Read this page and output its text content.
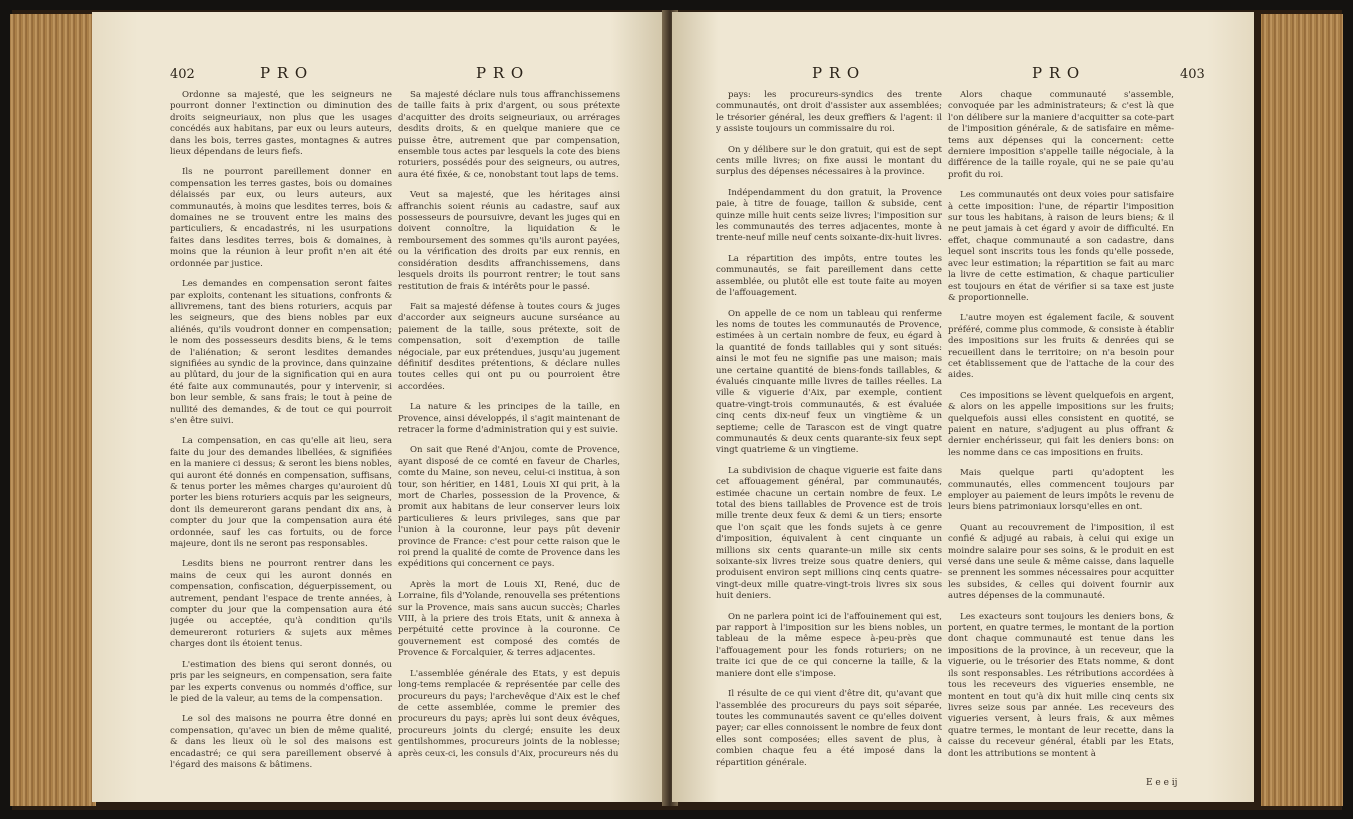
402	P R O	P R O

Ordonne sa majesté, que les seigneurs ne pourront donner l'extinction ou diminution des droits seigneuriaux, non plus que les usages concédés aux habitans, par eux ou leurs auteurs, dans les bois, terres gastes, montagnes & autres lieux dépendans de leurs fiefs.

Ils ne pourront pareillement donner en compensation les terres gastes, bois ou domaines délaissés par eux, ou leurs auteurs, aux communautés, à moins que lesdites terres, bois & domaines ne se trouvent entre les mains des particuliers, & encadastrés, ni les usurpations faites dans lesdites terres, bois & domaines, à moins que la réunion à leur profit n'en ait été ordonnée par justice.

Les demandes en compensation seront faites par exploits, contenant les situations, confronts & allivremens, tant des biens roturiers, acquis par les seigneurs, que des biens nobles par eux aliénés, qu'ils voudront donner en compensation; le nom des possesseurs desdits biens, & le tems de l'aliénation; & seront lesdites demandes signifiées au syndic de la province, dans quinzaine au plûtard, du jour de la signification qui en aura été faite aux communautés, pour y intervenir, si bon leur semble, & sans frais; le tout à peine de nullité des demandes, & de tout ce qui pourroit s'en être suivi.

La compensation, en cas qu'elle ait lieu, sera faite du jour des demandes libellées, & signifiées en la maniere ci dessus; & seront les biens nobles, qui auront été donnés en compensation, suffisans, & tenus porter les mêmes charges qu'auroient dû porter les biens roturiers acquis par les seigneurs, dont ils demeureront garans pendant dix ans, à compter du jour que la compensation aura été ordonnée, sauf les cas fortuits, ou de force majeure, dont ils ne seront pas responsables.

Lesdits biens ne pourront rentrer dans les mains de ceux qui les auront donnés en compensation, confiscation, déguerpissement, ou autrement, pendant l'espace de trente années, à compter du jour que la compensation aura été jugée ou acceptée, qu'à condition qu'ils demeureront roturiers & sujets aux mêmes charges dont ils étoient tenus.

L'estimation des biens qui seront donnés, ou pris par les seigneurs, en compensation, sera faite par les experts convenus ou nommés d'office, sur le pied de la valeur, au tems de la compensation.

Le sol des maisons ne pourra être donné en compensation, qu'avec un bien de même qualité, & dans les lieux où le sol des maisons est encadastré; ce qui sera pareillement observé à l'égard des maisons & bâtimens.

Sa majesté déclare nuls tous affranchissemens de taille faits à prix d'argent, ou sous prétexte d'acquitter des droits seigneuriaux, ou arrérages desdits droits, & en quelque maniere que ce puisse être, autrement que par compensation, ensemble tous actes par lesquels la cote des biens roturiers, possédés pour des seigneurs, ou autres, aura été fixée, & ce, nonobstant tout laps de tems.

Veut sa majesté, que les héritages ainsi affranchis soient réunis au cadastre, sauf aux possesseurs de poursuivre, devant les juges qui en doivent connoître, la liquidation & le remboursement des sommes qu'ils auront payées, ou la vérification des droits par eux rennis, en considération desdits affranchissemens, dans lesquels droits ils pourront rentrer; le tout sans restitution de frais & intérêts pour le passé.

Fait sa majesté défense à toutes cours & juges d'accorder aux seigneurs aucune surséance au paiement de la taille, sous prétexte, soit de compensation, soit d'exemption de taille négociale, par eux prétendues, jusqu'au jugement définitif desdites prétentions, & déclare nulles toutes celles qui ont pu ou pourroient être accordées.

La nature & les principes de la taille, en Provence, ainsi développés, il s'agit maintenant de retracer la forme d'administration qui y est suivie.

On sait que René d'Anjou, comte de Provence, ayant disposé de ce comté en faveur de Charles, comte du Maine, son neveu, celui-ci institua, à son tour, son héritier, en 1481, Louis XI qui prit, à la mort de Charles, possession de la Provence, & promit aux habitans de leur conserver leurs loix particulieres & leurs privileges, sans que par l'union à la couronne, leur pays pût devenir province de France: c'est pour cette raison que le roi prend la qualité de comte de Provence dans les expéditions qui concernent ce pays.

Après la mort de Louis XI, René, duc de Lorraine, fils d'Yolande, renouvella ses prétentions sur la Provence, mais sans aucun succès; Charles VIII, à la priere des trois Etats, unit & annexa à perpétuité cette province à la couronne. Ce gouvernement est composé des comtés de Provence & Forcalquier, & terres adjacentes.

L'assemblée générale des Etats, y est depuis long-tems remplacée & représentée par celle des procureurs du pays; l'archevêque d'Aix est le chef de cette assemblée, comme le premier des procureurs du pays; après lui sont deux évêques, procureurs joints du clergé; ensuite les deux gentilshommes, procureurs joints de la noblesse; après ceux-ci, les consuls d'Aix, procureurs nés du

P R O	P R O	403

pays: les procureurs-syndics des trente communautés, ont droit d'assister aux assemblées; le trésorier général, les deux greffiers & l'agent: il y assiste toujours un commissaire du roi.

On y délibere sur le don gratuit, qui est de sept cents mille livres; on fixe aussi le montant du surplus des dépenses nécessaires à la province.

Indépendamment du don gratuit, la Provence paie, à titre de fouage, taillon & subside, cent quinze mille huit cents seize livres; l'imposition sur les communautés des terres adjacentes, monte à trente-neuf mille neuf cents soixante-dix-huit livres.

La répartition des impôts, entre toutes les communautés, se fait pareillement dans cette assemblée, ou plutôt elle est toute faite au moyen de l'affouagement.

On appelle de ce nom un tableau qui renferme les noms de toutes les communautés de Provence, estimées à un certain nombre de feux, eu égard à la quantité de fonds taillables qui y sont situés: ainsi le mot feu ne signifie pas une maison; mais une certaine quantité de biens-fonds taillables, & évalués cinquante mille livres de tailles réelles. La ville & viguerie d'Aix, par exemple, contient quatre-vingt-trois communautés, & est évaluée cinq cents dix-neuf feux un vingtième & un septieme; celle de Tarascon est de vingt quatre communautés & deux cents quarante-six feux sept vingt quatrieme & un vingtieme.

La subdivision de chaque viguerie est faite dans cet affouagement général, par communautés, estimée chacune un certain nombre de feux. Le total des biens taillables de Provence est de trois mille trente deux feux & demi & un tiers; ensorte que l'on sçait que les fonds sujets à ce genre d'imposition, équivalent à cent cinquante un millions six cents quarante-un mille six cents soixante-six livres treize sous quatre deniers, qui produisent environ sept millions cinq cents quatre-vingt-deux mille quatre-vingt-trois livres six sous huit deniers.

On ne parlera point ici de l'affouinement qui est, par rapport à l'imposition sur les biens nobles, un tableau de la même espece à-peu-près que l'affouagement pour les fonds roturiers; on ne traite ici que de ce qui concerne la taille, & la maniere dont elle s'impose.

Il résulte de ce qui vient d'être dit, qu'avant que l'assemblée des procureurs du pays soit séparée, toutes les communautés savent ce qu'elles doivent payer; car elles connoissent le nombre de feux dont elles sont composées; elles savent de plus, à combien chaque feu a été imposé dans la répartition générale.

Alors chaque communauté s'assemble, convoquée par les administrateurs; & c'est là que l'on délibere sur la maniere d'acquitter sa cote-part de l'imposition générale, & de satisfaire en même-tems aux dépenses qui la concernent: cette derniere imposition s'appelle taille négociale, à la différence de la taille royale, qui ne se paie qu'au profit du roi.

Les communautés ont deux voies pour satisfaire à cette imposition: l'une, de répartir l'imposition sur tous les habitans, à raison de leurs biens; & il ne peut jamais à cet égard y avoir de difficulté. En effet, chaque communauté a son cadastre, dans lequel sont inscrits tous les fonds qu'elle possede, avec leur estimation; la répartition se fait au marc la livre de cette estimation, & chaque particulier est toujours en état de vérifier si sa taxe est juste & proportionnelle.

L'autre moyen est également facile, & souvent préféré, comme plus commode, & consiste à établir des impositions sur les fruits & denrées qui se recueillent dans le territoire; on n'a besoin pour cet établissement que de l'attache de la cour des aides.

Ces impositions se lèvent quelquefois en argent, & alors on les appelle impositions sur les fruits; quelquefois aussi elles consistent en quotité, se paient en nature, s'adjugent au plus offrant & dernier enchérisseur, qui fait les deniers bons: on les nomme dans ce cas impositions en fruits.

Mais quelque parti qu'adoptent les communautés, elles commencent toujours par employer au paiement de leurs impôts le revenu de leurs biens patrimoniaux lorsqu'elles en ont.

Quant au recouvrement de l'imposition, il est confié & adjugé au rabais, à celui qui exige un moindre salaire pour ses soins, & le produit en est versé dans une seule & même caisse, dans laquelle se prennent les sommes nécessaires pour acquitter les subsides, & celles qui doivent fournir aux autres dépenses de la communauté.

Les exacteurs sont toujours les deniers bons, & portent, en quatre termes, le montant de la portion dont chaque communauté est tenue dans les impositions de la province, à un receveur, que la viguerie, ou le trésorier des Etats nomme, & dont ils sont responsables. Les rétributions accordées à tous les receveurs des vigueries ensemble, ne montent en tout qu'à dix huit mille cinq cents six livres seize sous par année. Les receveurs des vigueries versent, à leurs frais, & aux mêmes quatre termes, le montant de leur recette, dans la caisse du receveur général, établi par les Etats, dont les attributions se montent à

E e e ij
